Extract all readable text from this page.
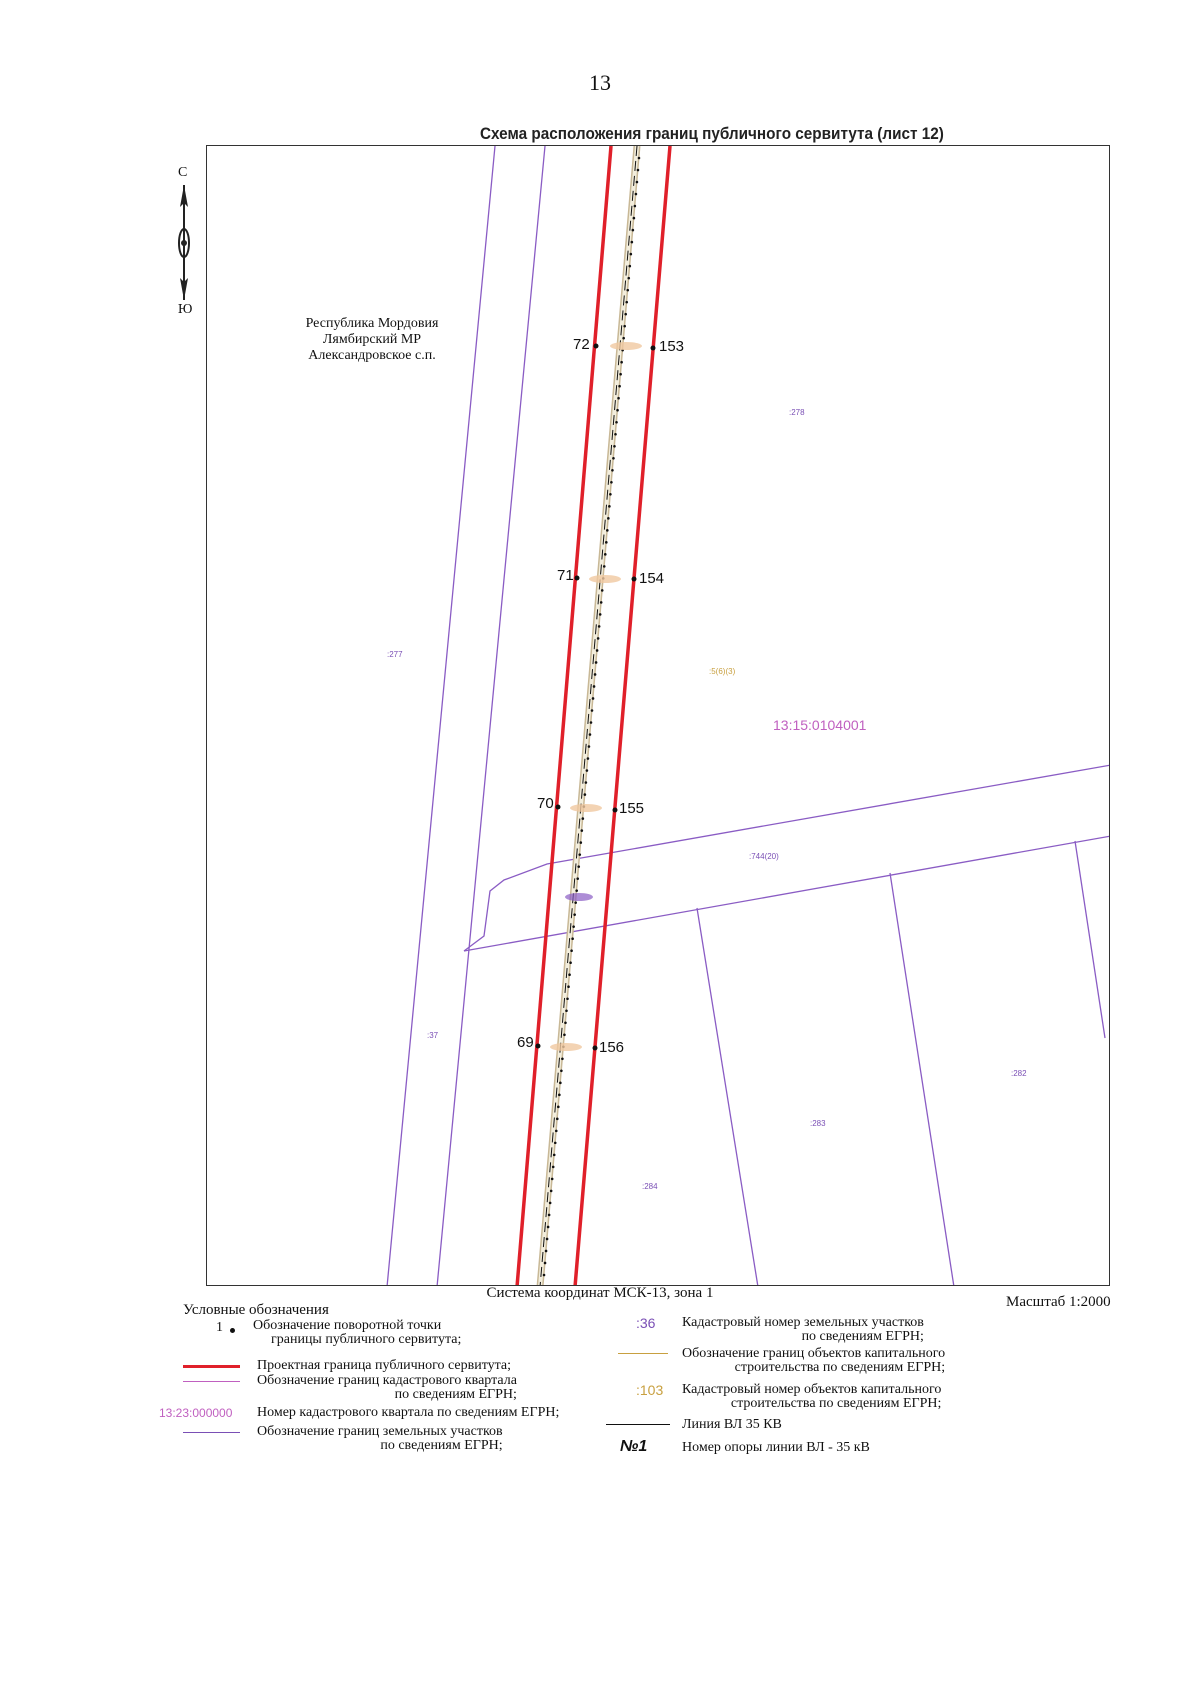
13
Схема расположения границ публичного сервитута (лист 12)
С
Ю
72	153
71	154
70	155
69	156
13:15:0104001
:278
:277
:744(20)
:37
:282
:283
:284
:5(6)(3)
Республика Мордовия
Лямбирский МР
Александровское с.п.
Система координат МСК-13, зона 1
Масштаб 1:2000
Условные обозначения
1 Обозначение поворотной точки
границы публичного сервитута;
Проектная граница публичного сервитута;
Обозначение границ кадастрового квартала
по сведениям ЕГРН;
13:23:000000 Номер кадастрового квартала по сведениям ЕГРН;
Обозначение границ земельных участков
по сведениям ЕГРН;
:36 Кадастровый номер земельных участков
по сведениям ЕГРН;
Обозначение границ объектов капитального
строительства по сведениям ЕГРН;
:103 Кадастровый номер объектов капитального
строительства по сведениям ЕГРН;
Линия ВЛ 35 КВ
№1 Номер опоры линии ВЛ - 35 кВ
